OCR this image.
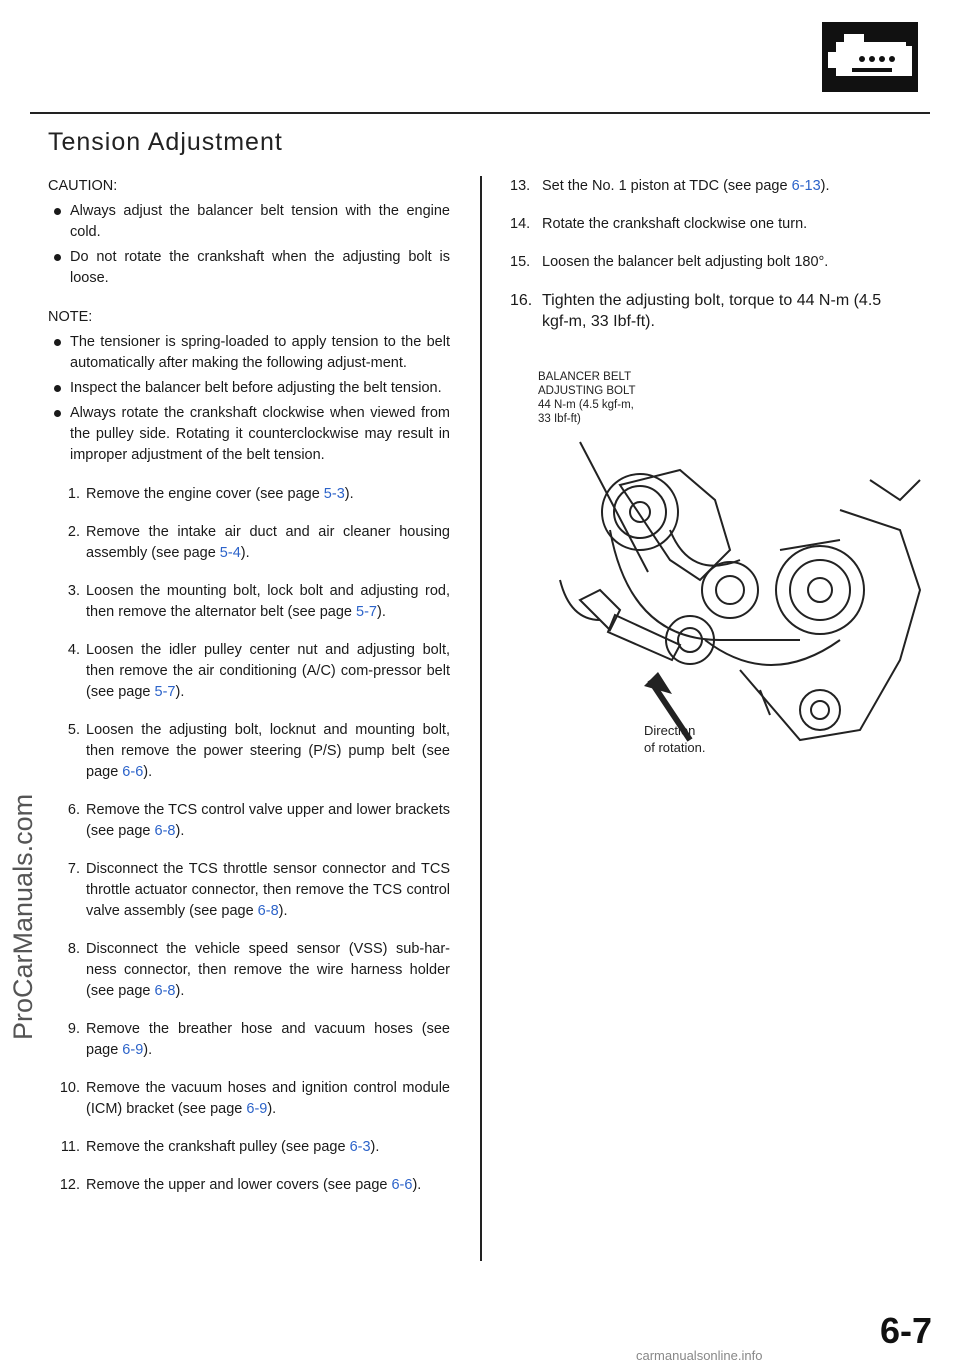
Tension Adjustment
ProCarManuals.com
CAUTION:
Always adjust the balancer belt tension with the engine cold.
Do not rotate the crankshaft when the adjusting bolt is loose.
NOTE:
The tensioner is spring-loaded to apply tension to the belt automatically after making the following adjust-ment.
Inspect the balancer belt before adjusting the belt tension.
Always rotate the crankshaft clockwise when viewed from the pulley side. Rotating it counterclockwise may result in improper adjustment of the belt tension.
1. Remove the engine cover (see page 5-3).
2. Remove the intake air duct and air cleaner housing assembly (see page 5-4).
3. Loosen the mounting bolt, lock bolt and adjusting rod, then remove the alternator belt (see page 5-7).
4. Loosen the idler pulley center nut and adjusting bolt, then remove the air conditioning (A/C) com-pressor belt (see page 5-7).
5. Loosen the adjusting bolt, locknut and mounting bolt, then remove the power steering (P/S) pump belt (see page 6-6).
6. Remove the TCS control valve upper and lower brackets (see page 6-8).
7. Disconnect the TCS throttle sensor connector and TCS throttle actuator connector, then remove the TCS control valve assembly (see page 6-8).
8. Disconnect the vehicle speed sensor (VSS) sub-har-ness connector, then remove the wire harness holder (see page 6-8).
9. Remove the breather hose and vacuum hoses (see page 6-9).
10. Remove the vacuum hoses and ignition control module (ICM) bracket (see page 6-9).
11. Remove the crankshaft pulley (see page 6-3).
12. Remove the upper and lower covers (see page 6-6).
13. Set the No. 1 piston at TDC (see page 6-13).
14. Rotate the crankshaft clockwise one turn.
15. Loosen the balancer belt adjusting bolt 180°.
16. Tighten the adjusting bolt, torque to 44 N-m (4.5 kgf-m, 33 Ibf-ft).
BALANCER BELT
ADJUSTING BOLT
44 N-m (4.5 kgf-m,
33 Ibf-ft)
Direction
of rotation.
6-7
carmanualsonline.info
